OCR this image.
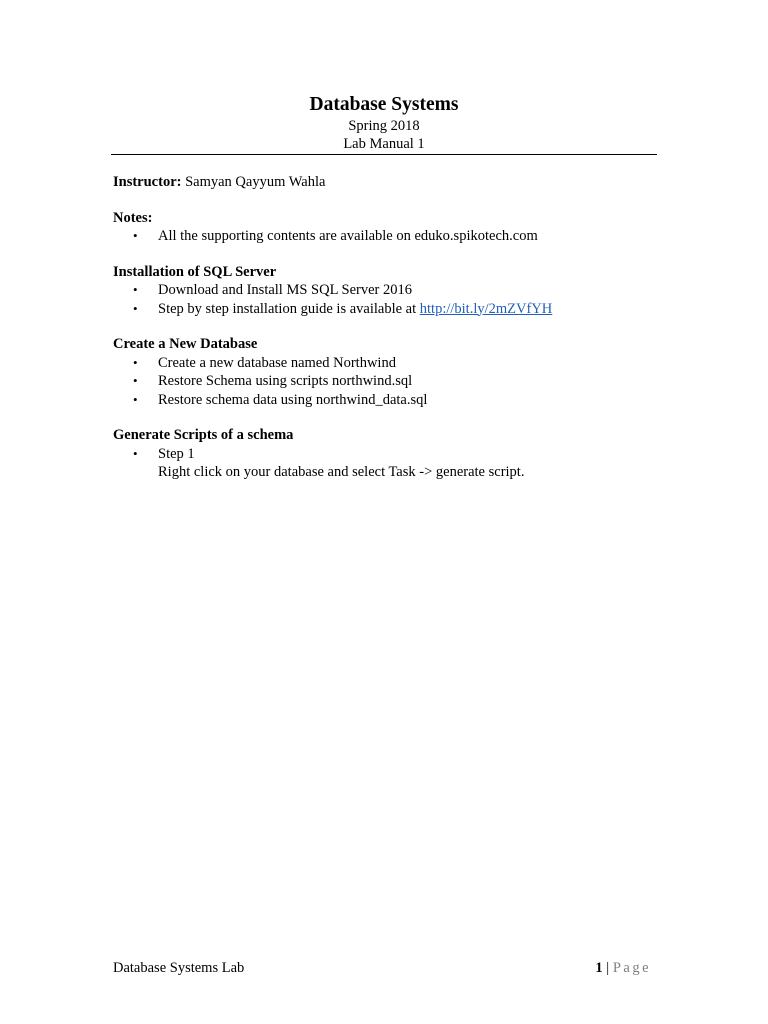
Database Systems
Spring 2018
Lab Manual 1
Instructor: Samyan Qayyum Wahla
Notes:
• All the supporting contents are available on eduko.spikotech.com
Installation of SQL Server
• Download and Install MS SQL Server 2016
• Step by step installation guide is available at http://bit.ly/2mZVfYH
Create a New Database
• Create a new database named Northwind
• Restore Schema using scripts northwind.sql
• Restore schema data using northwind_data.sql
Generate Scripts of a schema
• Step 1
Right click on your database and select Task -> generate script.
Database Systems Lab	1 | Page
